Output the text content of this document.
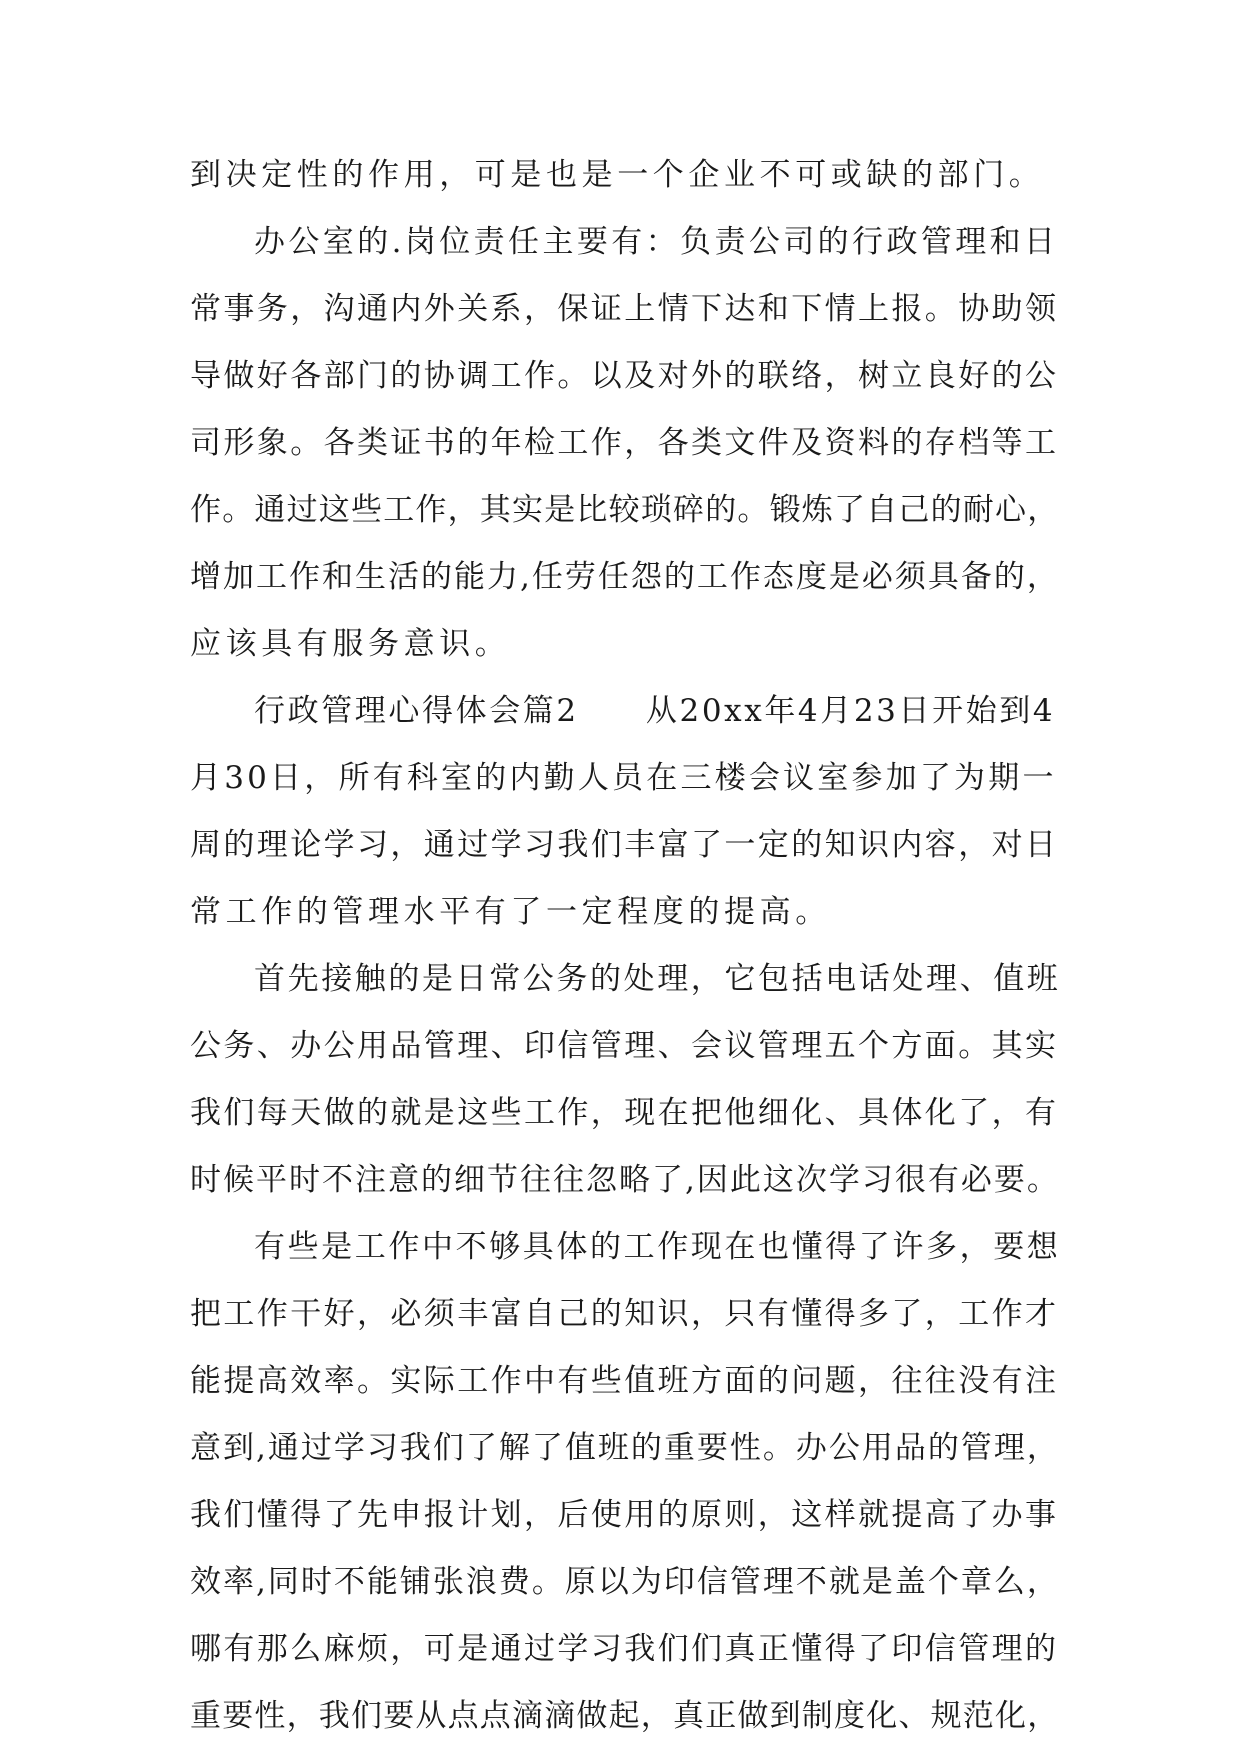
到决定性的作用，可是也是一个企业不可或缺的部门。
办公室的.岗位责任主要有：负责公司的行政管理和日
常事务，沟通内外关系，保证上情下达和下情上报。协助领
导做好各部门的协调工作。以及对外的联络，树立良好的公
司形象。各类证书的年检工作，各类文件及资料的存档等工
作。通过这些工作，其实是比较琐碎的。锻炼了自己的耐心，
增加工作和生活的能力,任劳任怨的工作态度是必须具备的，
应该具有服务意识。
行政管理心得体会篇2　　从20xx年4月23日开始到4
月30日，所有科室的内勤人员在三楼会议室参加了为期一
周的理论学习，通过学习我们丰富了一定的知识内容，对日
常工作的管理水平有了一定程度的提高。
首先接触的是日常公务的处理，它包括电话处理、值班
公务、办公用品管理、印信管理、会议管理五个方面。其实
我们每天做的就是这些工作，现在把他细化、具体化了，有
时候平时不注意的细节往往忽略了,因此这次学习很有必要。
有些是工作中不够具体的工作现在也懂得了许多，要想
把工作干好，必须丰富自己的知识，只有懂得多了，工作才
能提高效率。实际工作中有些值班方面的问题，往往没有注
意到,通过学习我们了解了值班的重要性。办公用品的管理，
我们懂得了先申报计划，后使用的原则，这样就提高了办事
效率,同时不能铺张浪费。原以为印信管理不就是盖个章么，
哪有那么麻烦，可是通过学习我们们真正懂得了印信管理的
重要性，我们要从点点滴滴做起，真正做到制度化、规范化，
